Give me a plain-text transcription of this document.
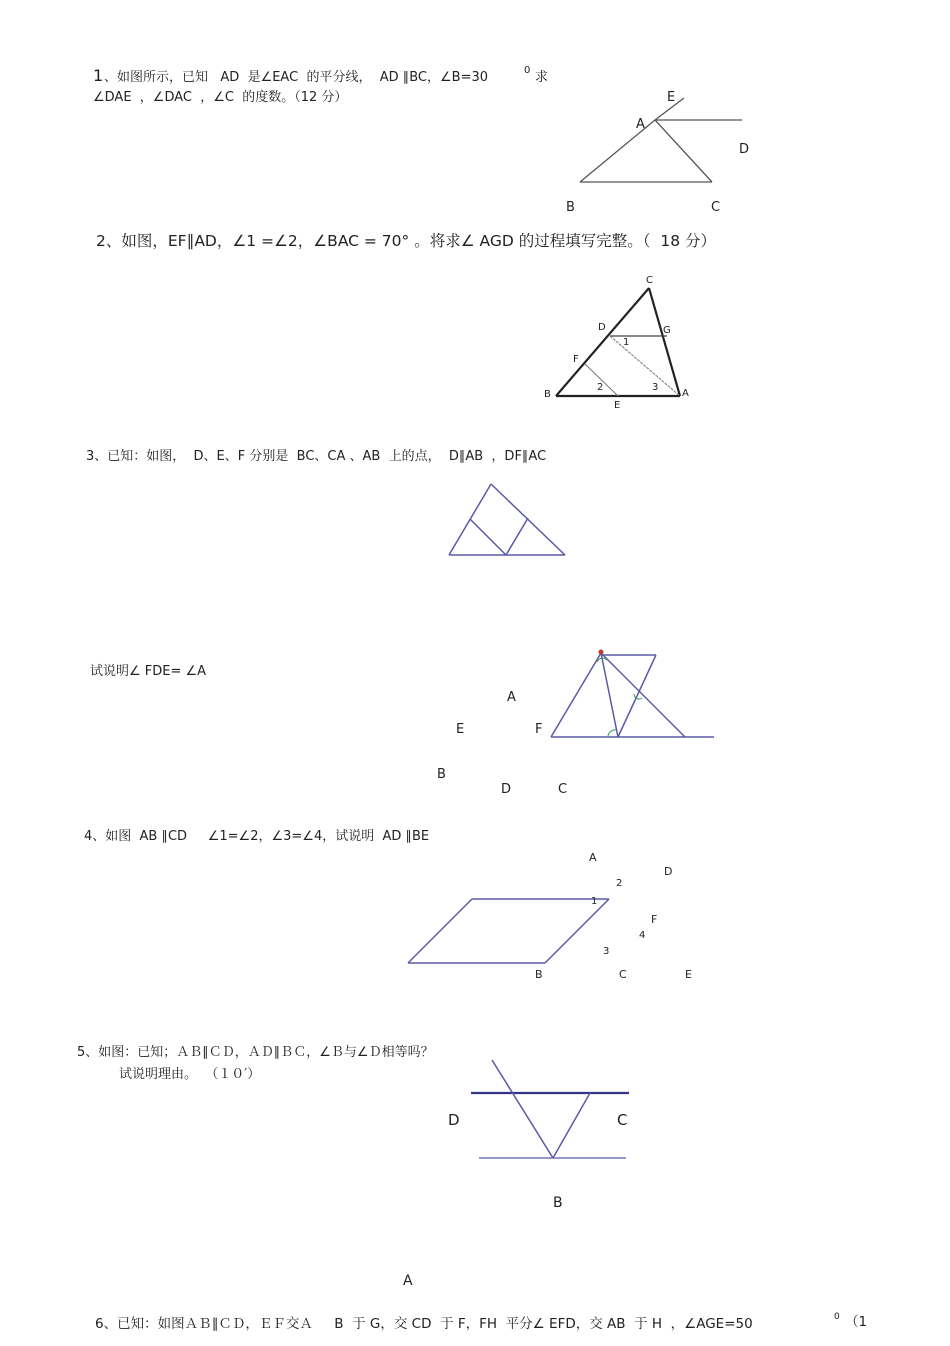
1 、如图所示，已知   AD  是∠EAC  的平分线，  AD ∥BC，∠B=30	0 求
∠DAE  ，∠DAC  ，∠C  的度数。（12 分）	E
A
D
B	C
2、如图，EF∥AD，∠1 =∠2，∠BAC = 70° 。将求∠ AGD 的过程填写完整。（  18 分）
C
D	G
1
F
B
2	3
A
E
3、已知：如图，  D、E、F 分别是  BC、CA 、AB  上的点，  D∥AB  ，DF∥AC
试说明∠ FDE= ∠A
A
E	F
B
D	C
4、如图  AB ∥CD     ∠1=∠2，∠3=∠4，试说明  AD ∥BE
A
D
2
1
F
4
3
B	C	E
5、如图：已知；ＡＢ∥ＣＤ，ＡＤ∥ＢＣ，∠Ｂ与∠Ｄ相等吗？
试说明理由。  （１０′）
D	C
B
A
6、已知：如图ＡＢ∥ＣＤ，ＥＦ交Ａ     B  于 G，交 CD  于 F，FH  平分∠ EFD，交 AB  于 H  ，∠AGE=50	0 （1
